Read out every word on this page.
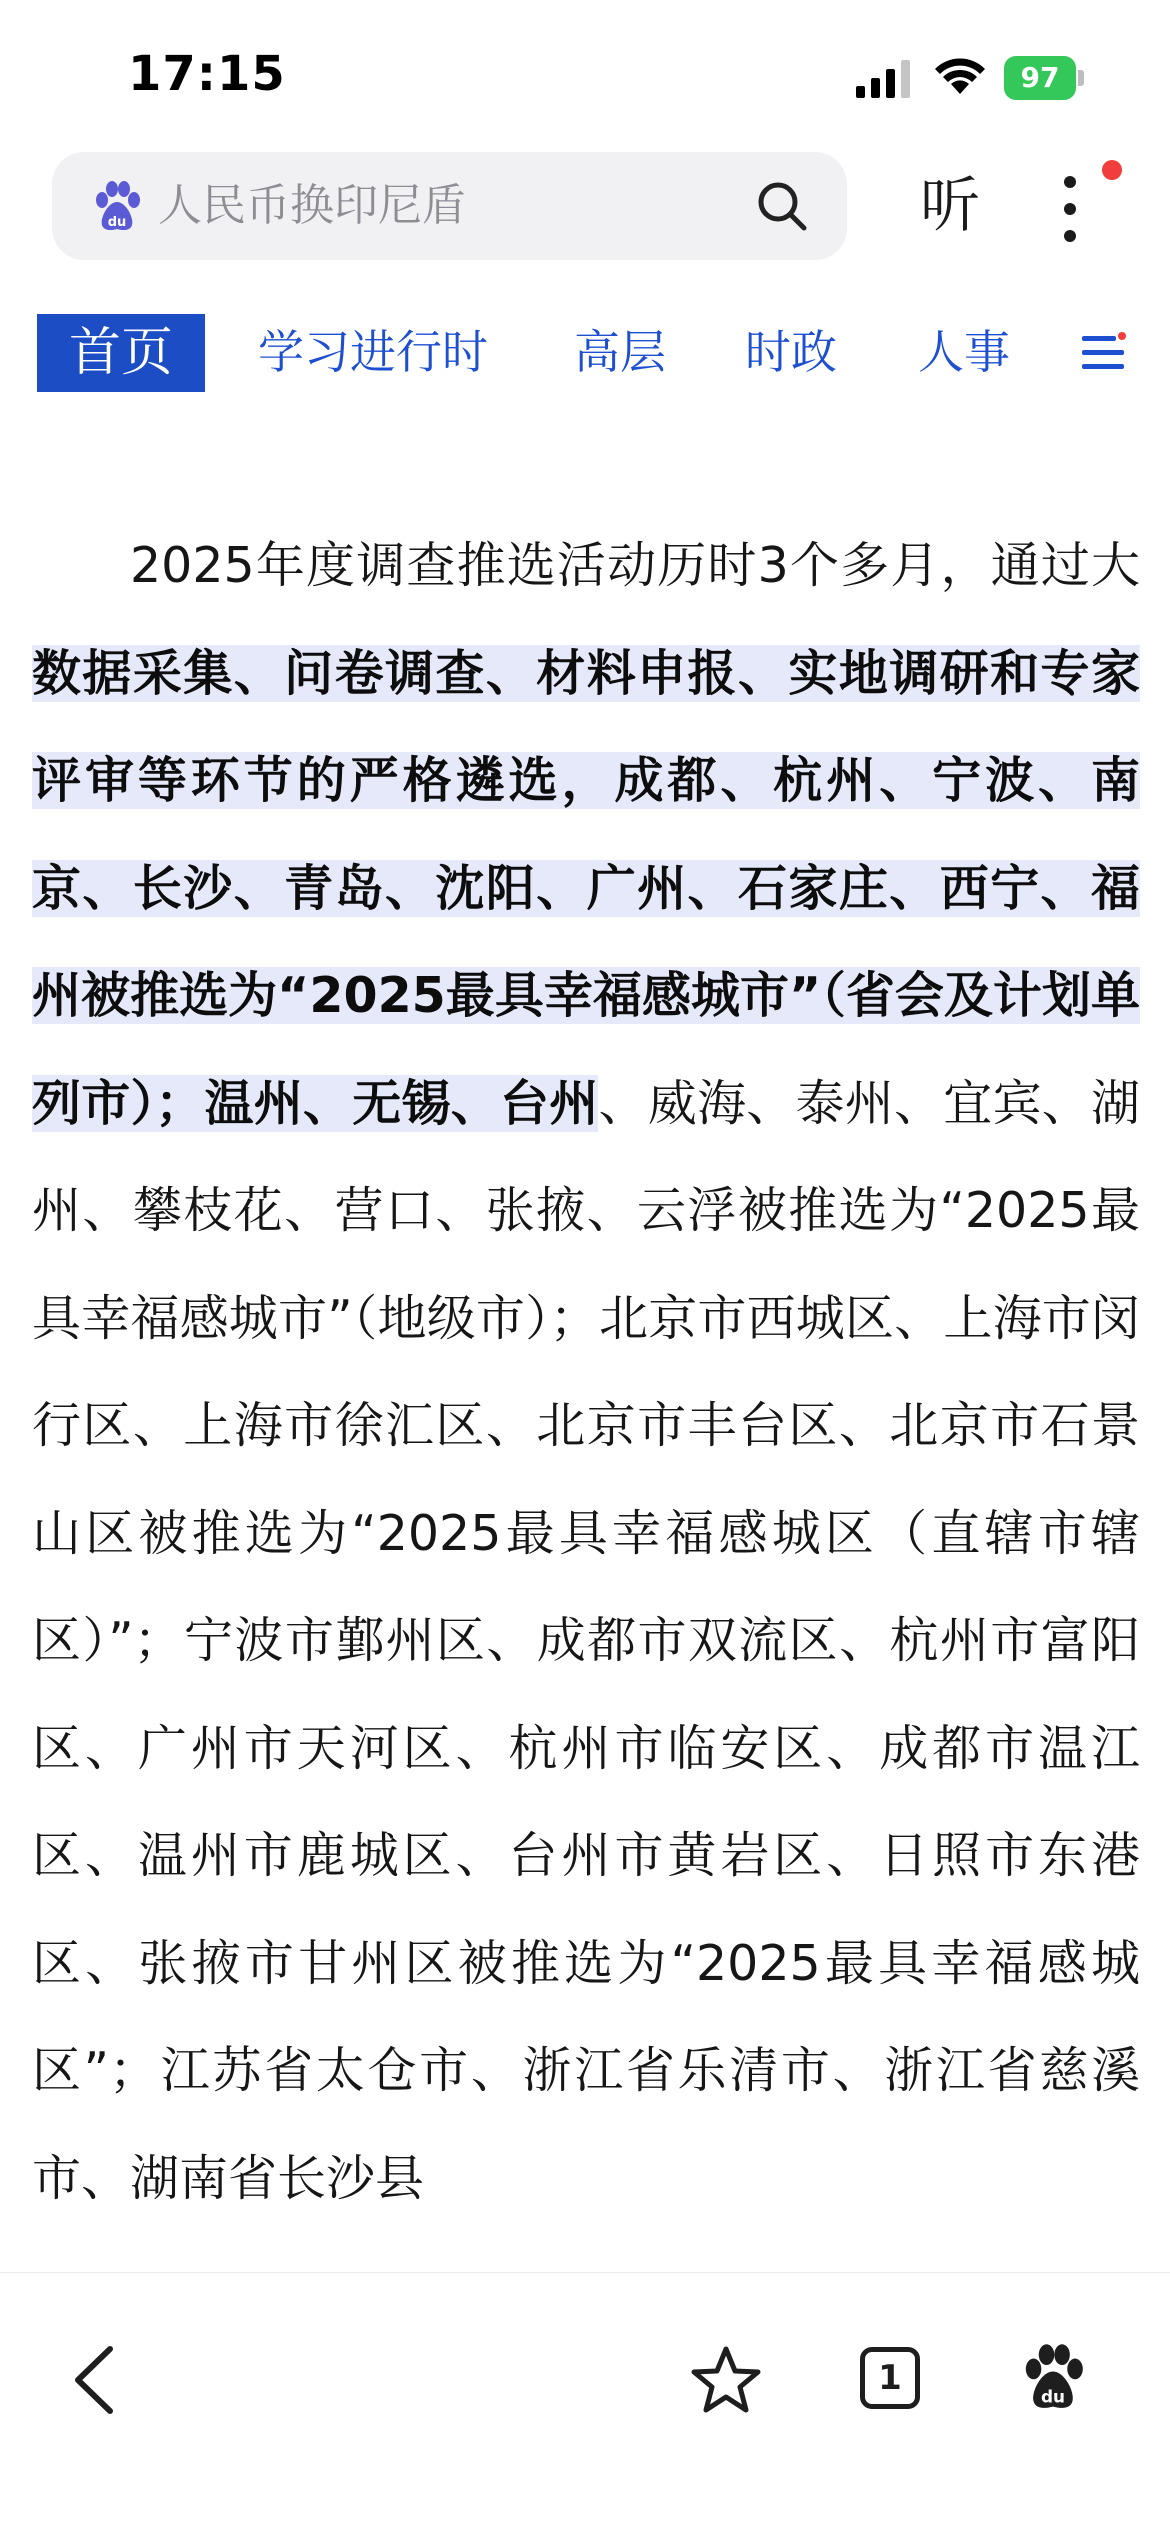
17:15	97
du 人民币换印尼盾	听
首页	学习进行时 高层 时政 人事

2025年度调查推选活动历时3个多月，通过大数据采集、问卷调查、材料申报、实地调研和专家评审等环节的严格遴选，成都、杭州、宁波、南京、长沙、青岛、沈阳、广州、石家庄、西宁、福州被推选为“2025最具幸福感城市”（省会及计划单列市）；温州、无锡、台州、威海、泰州、宜宾、湖州、攀枝花、营口、张掖、云浮被推选为“2025最具幸福感城市”（地级市）；北京市西城区、上海市闵行区、上海市徐汇区、北京市丰台区、北京市石景山区被推选为“2025最具幸福感城区（直辖市辖区）”；宁波市鄞州区、成都市双流区、杭州市富阳区、广州市天河区、杭州市临安区、成都市温江区、温州市鹿城区、台州市黄岩区、日照市东港区、张掖市甘州区被推选为“2025最具幸福感城区”；江苏省太仓市、浙江省乐清市、浙江省慈溪市、湖南省长沙县

1	du
